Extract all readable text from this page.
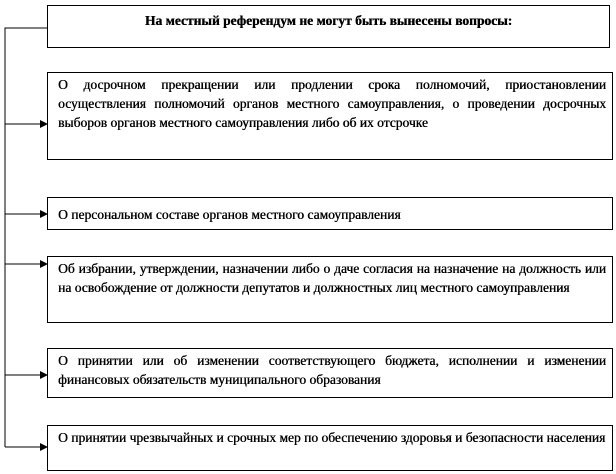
На местный референдум не могут быть вынесены вопросы:
О досрочном прекращении или продлении срока полномочий, приостановлении осуществления полномочий органов местного самоуправления, о проведении досрочных выборов органов местного самоуправления либо об их отсрочке
О персональном составе органов местного самоуправления
Об избрании, утверждении, назначении либо о даче согласия на назначение на должность или на освобождение от должности депутатов и должностных лиц местного самоуправления
О принятии или об изменении соответствующего бюджета, исполнении и изменении финансовых обязательств муниципального образования
О принятии чрезвычайных и срочных мер по обеспечению здоровья и безопасности населения
